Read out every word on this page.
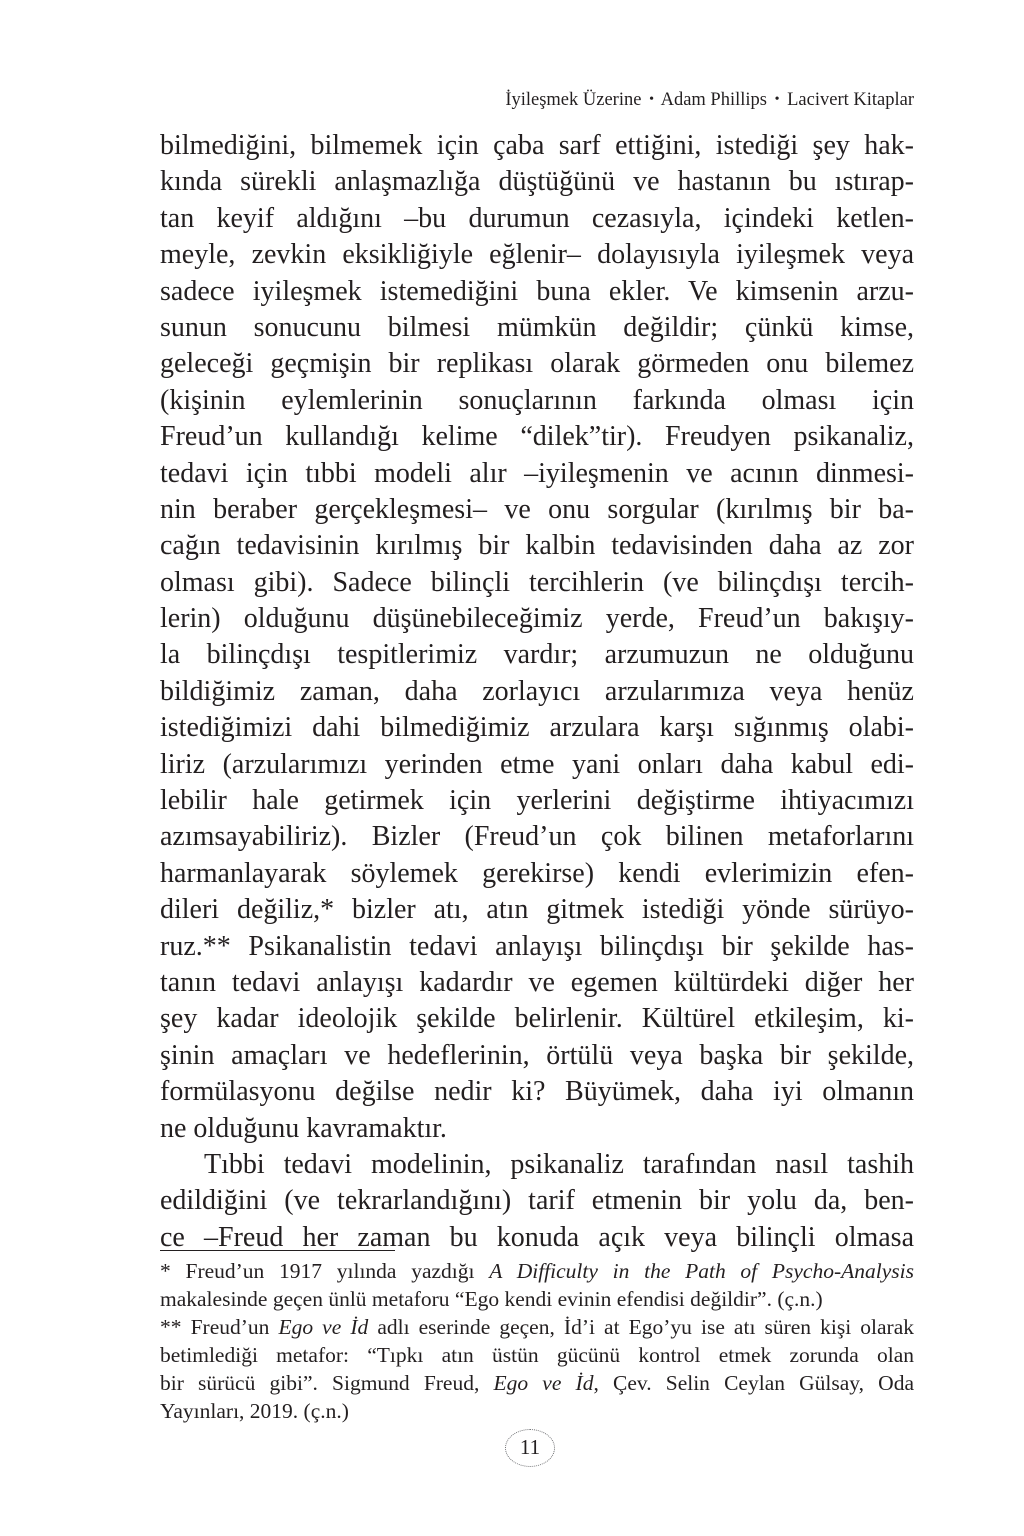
İyileşmek Üzerine • Adam Phillips • Lacivert Kitaplar
bilmediğini, bilmemek için çaba sarf ettiğini, istediği şey hak-
kında sürekli anlaşmazlığa düştüğünü ve hastanın bu ıstırap-
tan keyif aldığını –bu durumun cezasıyla, içindeki ketlen-
meyle, zevkin eksikliğiyle eğlenir– dolayısıyla iyileşmek veya
sadece iyileşmek istemediğini buna ekler. Ve kimsenin arzu-
sunun sonucunu bilmesi mümkün değildir; çünkü kimse,
geleceği geçmişin bir replikası olarak görmeden onu bilemez
(kişinin eylemlerinin sonuçlarının farkında olması için
Freud’un kullandığı kelime “dilek”tir). Freudyen psikanaliz,
tedavi için tıbbi modeli alır –iyileşmenin ve acının dinmesi-
nin beraber gerçekleşmesi– ve onu sorgular (kırılmış bir ba-
cağın tedavisinin kırılmış bir kalbin tedavisinden daha az zor
olması gibi). Sadece bilinçli tercihlerin (ve bilinçdışı tercih-
lerin) olduğunu düşünebileceğimiz yerde, Freud’un bakışıy-
la bilinçdışı tespitlerimiz vardır; arzumuzun ne olduğunu
bildiğimiz zaman, daha zorlayıcı arzularımıza veya henüz
istediğimizi dahi bilmediğimiz arzulara karşı sığınmış olabi-
liriz (arzularımızı yerinden etme yani onları daha kabul edi-
lebilir hale getirmek için yerlerini değiştirme ihtiyacımızı
azımsayabiliriz). Bizler (Freud’un çok bilinen metaforlarını
harmanlayarak söylemek gerekirse) kendi evlerimizin efen-
dileri değiliz,* bizler atı, atın gitmek istediği yönde sürüyo-
ruz.** Psikanalistin tedavi anlayışı bilinçdışı bir şekilde has-
tanın tedavi anlayışı kadardır ve egemen kültürdeki diğer her
şey kadar ideolojik şekilde belirlenir. Kültürel etkileşim, ki-
şinin amaçları ve hedeflerinin, örtülü veya başka bir şekilde,
formülasyonu değilse nedir ki? Büyümek, daha iyi olmanın
ne olduğunu kavramaktır.
Tıbbi tedavi modelinin, psikanaliz tarafından nasıl tashih
edildiğini (ve tekrarlandığını) tarif etmenin bir yolu da, ben-
ce –Freud her zaman bu konuda açık veya bilinçli olmasa
* Freud’un 1917 yılında yazdığı A Difficulty in the Path of Psycho-Analysis
makalesinde geçen ünlü metaforu “Ego kendi evinin efendisi değildir”. (ç.n.)
** Freud’un Ego ve İd adlı eserinde geçen, İd’i at Ego’yu ise atı süren kişi olarak
betimlediği metafor: “Tıpkı atın üstün gücünü kontrol etmek zorunda olan
bir sürücü gibi”. Sigmund Freud, Ego ve İd, Çev. Selin Ceylan Gülsay, Oda
Yayınları, 2019. (ç.n.)
11
